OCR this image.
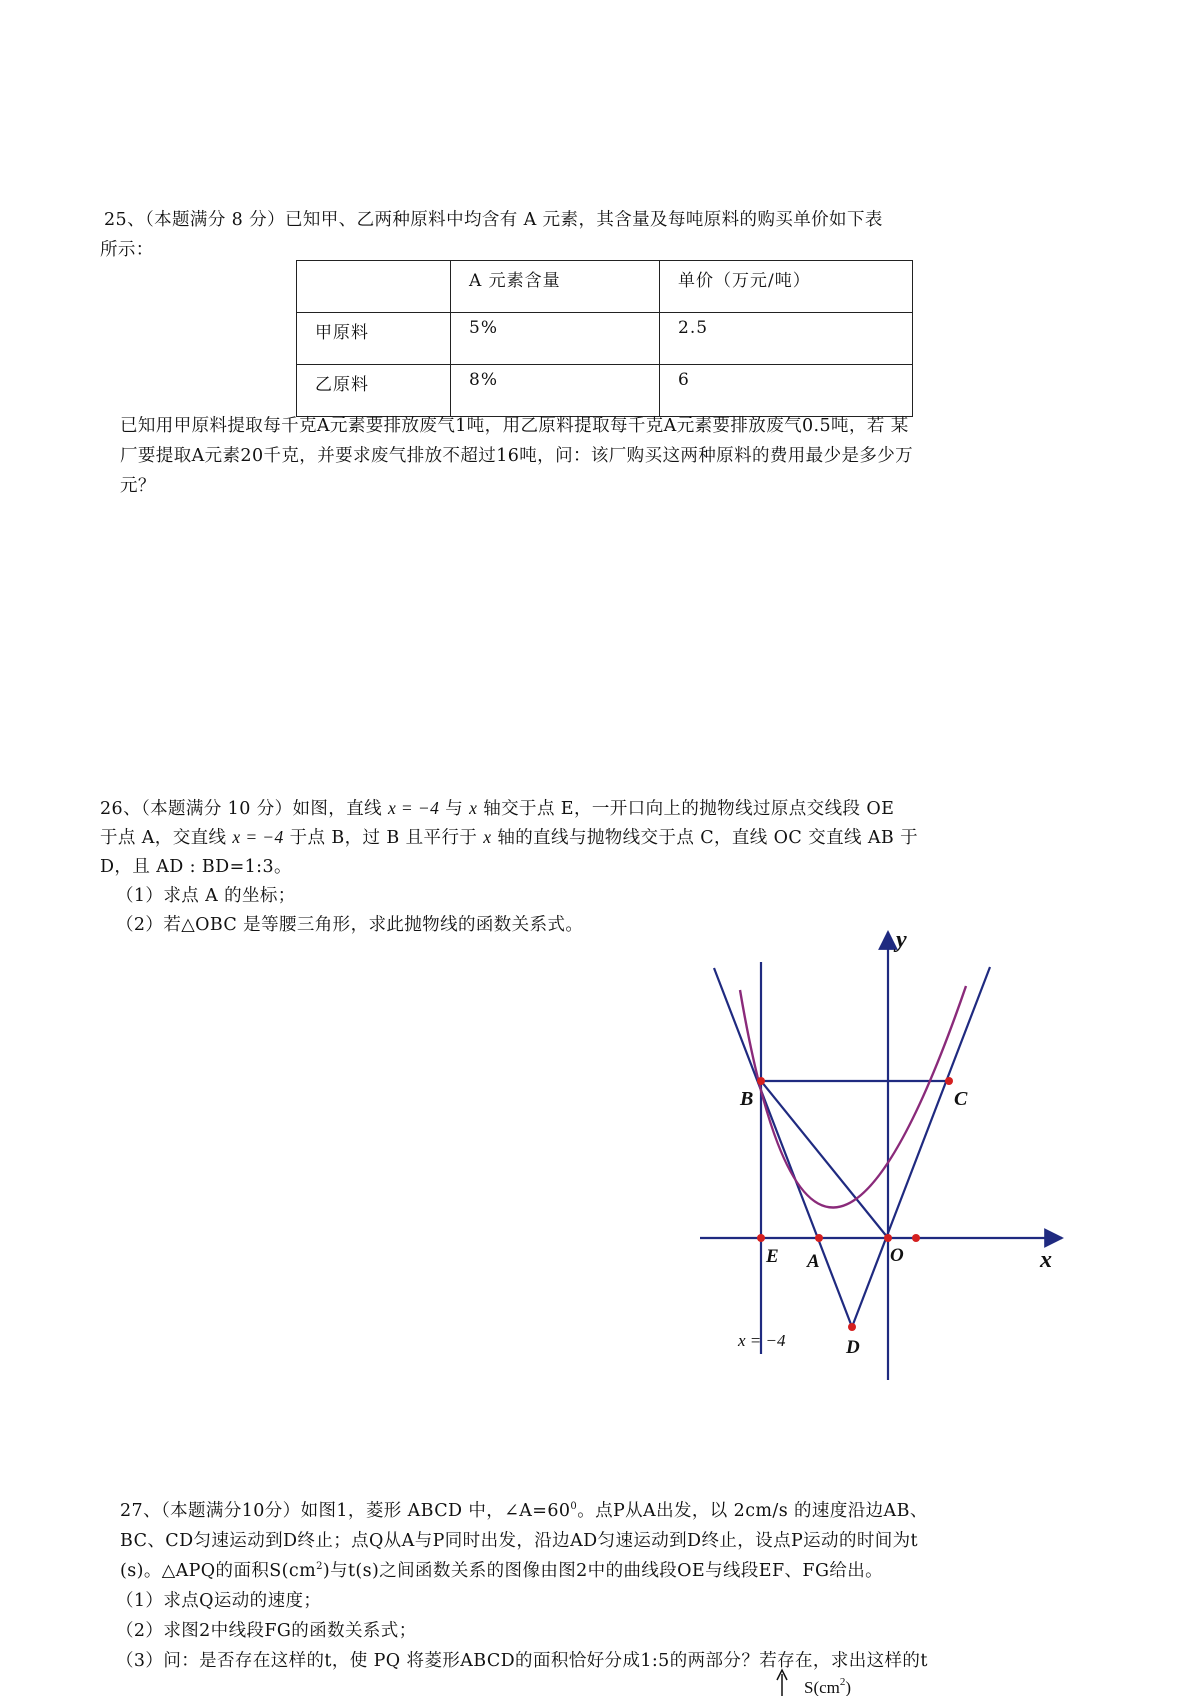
25、（本题满分 8 分）已知甲、乙两种原料中均含有 A 元素，其含量及每吨原料的购买单价如下表
所示：
	A 元素含量	单价（万元/吨）
甲原料	5%	2.5
乙原料	8%	6
已知用甲原料提取每千克A元素要排放废气1吨，用乙原料提取每千克A元素要排放废气0.5吨，若 某
厂要提取A元素20千克，并要求废气排放不超过16吨，问：该厂购买这两种原料的费用最少是多少万
元？
26、（本题满分 10 分）如图，直线 x = −4 与 x 轴交于点 E，一开口向上的抛物线过原点交线段 OE
于点 A，交直线 x = −4 于点 B，过 B 且平行于 x 轴的直线与抛物线交于点 C，直线 OC 交直线 AB 于
D，且 AD : BD=1:3。
（1）求点 A 的坐标；
（2）若△OBC 是等腰三角形，求此抛物线的函数关系式。
y
x
B	C
E A	O
D
x = −4
27、（本题满分10分）如图1，菱形 ABCD 中，$\angle A=60^0$。点P从A出发，以 2cm/s 的速度沿边AB、
BC、CD匀速运动到D终止；点Q从A与P同时出发，沿边AD匀速运动到D终止，设点P运动的时间为t
(s)。△APQ的面积$S(cm^2)$与t(s)之间函数关系的图像由图2中的曲线段OE与线段EF、FG给出。
（1）求点Q运动的速度；
（2）求图2中线段FG的函数关系式；
（3）问：是否存在这样的t，使 PQ 将菱形ABCD的面积恰好分成1:5的两部分？若存在，求出这样的t
$S(cm^2)$
